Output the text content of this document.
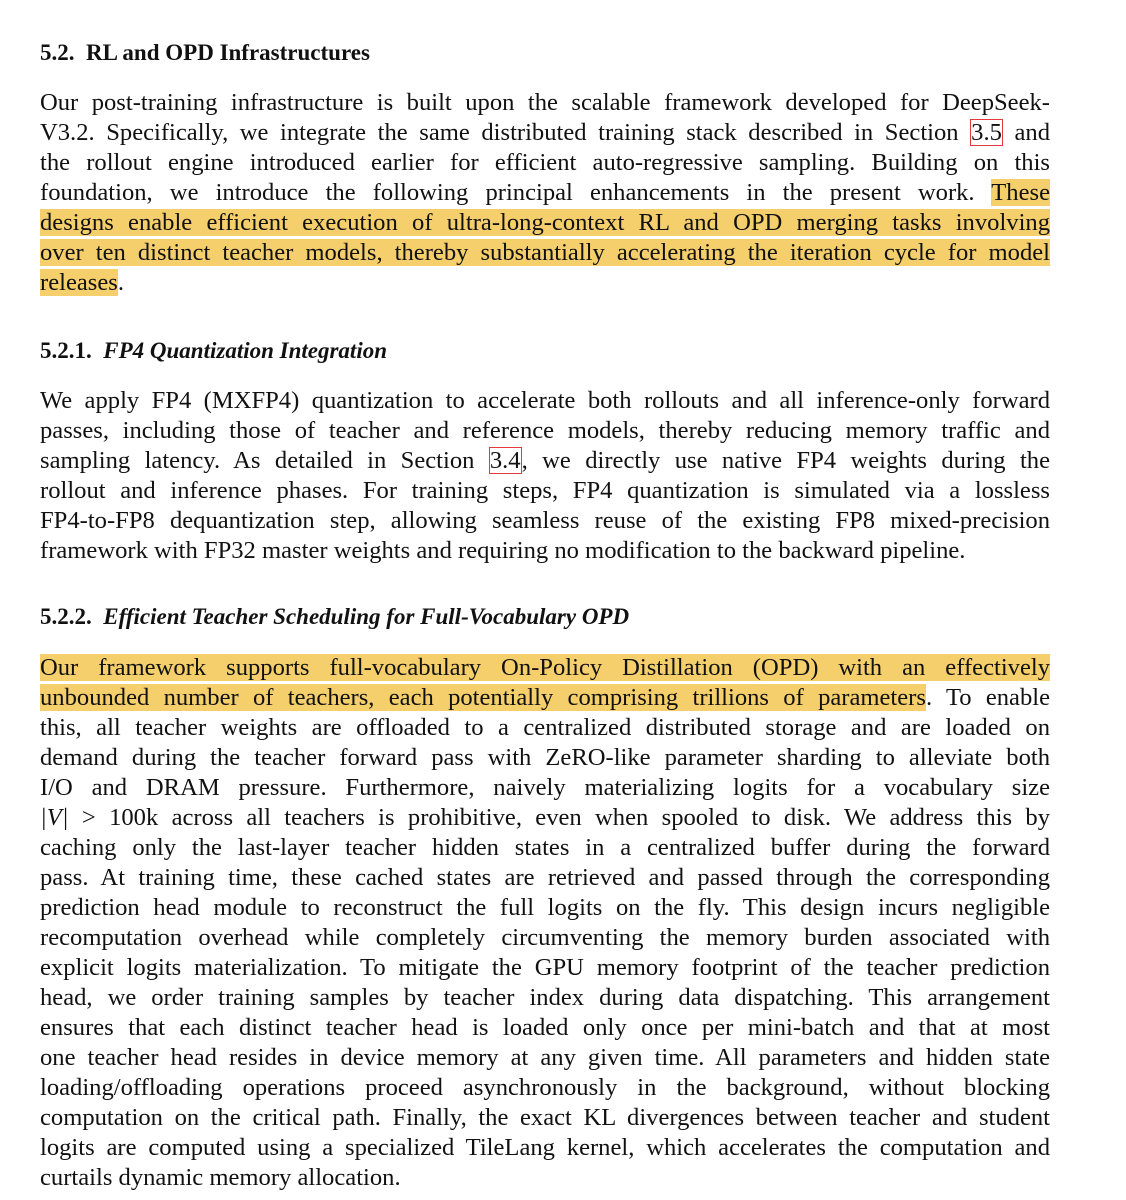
5.2. RL and OPD Infrastructures
Our post-training infrastructure is built upon the scalable framework developed for DeepSeek-
V3.2. Specifically, we integrate the same distributed training stack described in Section 3.5 and
the rollout engine introduced earlier for efficient auto-regressive sampling. Building on this
foundation, we introduce the following principal enhancements in the present work. These
designs enable efficient execution of ultra-long-context RL and OPD merging tasks involving
over ten distinct teacher models, thereby substantially accelerating the iteration cycle for model
releases.
5.2.1. FP4 Quantization Integration
We apply FP4 (MXFP4) quantization to accelerate both rollouts and all inference-only forward
passes, including those of teacher and reference models, thereby reducing memory traffic and
sampling latency. As detailed in Section 3.4, we directly use native FP4 weights during the
rollout and inference phases. For training steps, FP4 quantization is simulated via a lossless
FP4-to-FP8 dequantization step, allowing seamless reuse of the existing FP8 mixed-precision
framework with FP32 master weights and requiring no modification to the backward pipeline.
5.2.2. Efficient Teacher Scheduling for Full-Vocabulary OPD
Our framework supports full-vocabulary On-Policy Distillation (OPD) with an effectively
unbounded number of teachers, each potentially comprising trillions of parameters. To enable
this, all teacher weights are offloaded to a centralized distributed storage and are loaded on
demand during the teacher forward pass with ZeRO-like parameter sharding to alleviate both
I/O and DRAM pressure. Furthermore, naively materializing logits for a vocabulary size
|V| > 100k across all teachers is prohibitive, even when spooled to disk. We address this by
caching only the last-layer teacher hidden states in a centralized buffer during the forward
pass. At training time, these cached states are retrieved and passed through the corresponding
prediction head module to reconstruct the full logits on the fly. This design incurs negligible
recomputation overhead while completely circumventing the memory burden associated with
explicit logits materialization. To mitigate the GPU memory footprint of the teacher prediction
head, we order training samples by teacher index during data dispatching. This arrangement
ensures that each distinct teacher head is loaded only once per mini-batch and that at most
one teacher head resides in device memory at any given time. All parameters and hidden state
loading/offloading operations proceed asynchronously in the background, without blocking
computation on the critical path. Finally, the exact KL divergences between teacher and student
logits are computed using a specialized TileLang kernel, which accelerates the computation and
curtails dynamic memory allocation.
